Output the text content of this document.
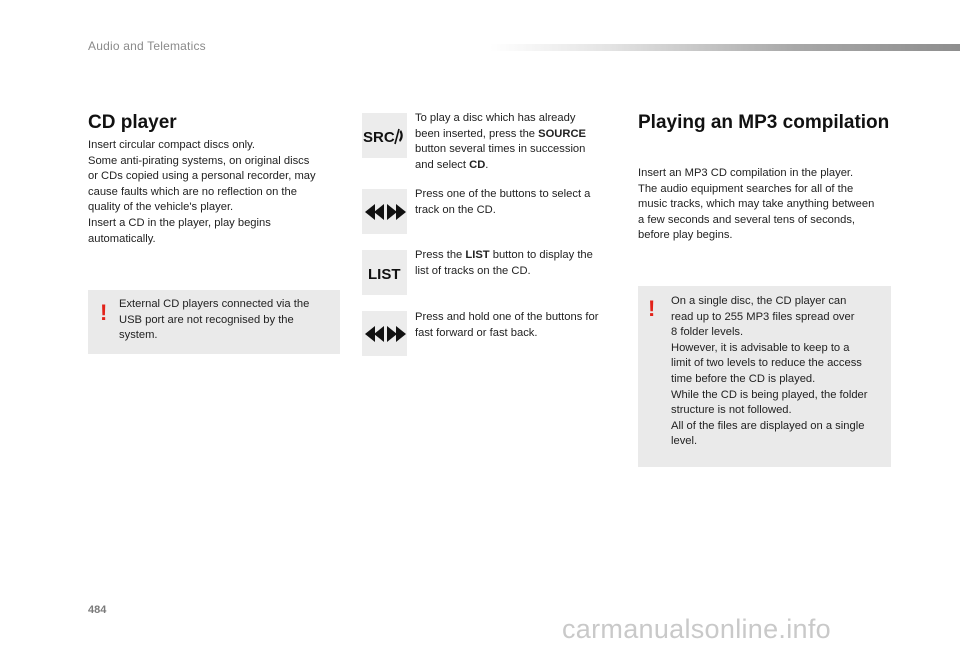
Audio and Telematics
CD player
Insert circular compact discs only.
Some anti-pirating systems, on original discs
or CDs copied using a personal recorder, may
cause faults which are no reflection on the
quality of the vehicle's player.
Insert a CD in the player, play begins
automatically.
! External CD players connected via the
USB port are not recognised by the
system.
SRC
To play a disc which has already
been inserted, press the SOURCE
button several times in succession
and select CD.
Press one of the buttons to select a
track on the CD.
LIST
Press the LIST button to display the
list of tracks on the CD.
Press and hold one of the buttons for
fast forward or fast back.
Playing an MP3 compilation
Insert an MP3 CD compilation in the player.
The audio equipment searches for all of the
music tracks, which may take anything between
a few seconds and several tens of seconds,
before play begins.
! On a single disc, the CD player can
read up to 255 MP3 files spread over
8 folder levels.
However, it is advisable to keep to a
limit of two levels to reduce the access
time before the CD is played.
While the CD is being played, the folder
structure is not followed.
All of the files are displayed on a single
level.
484
carmanualsonline.info
